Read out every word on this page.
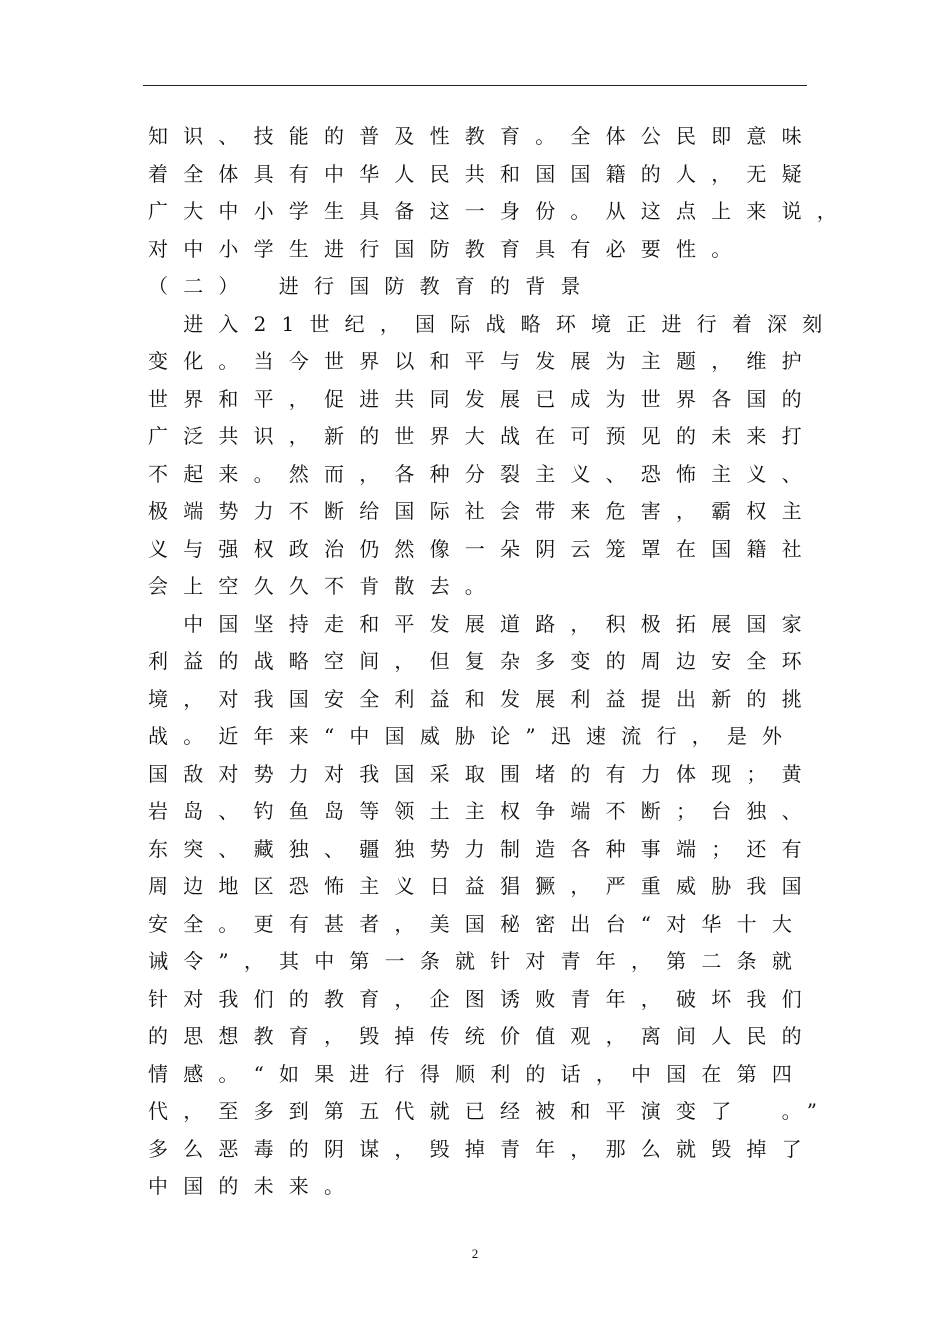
知识、技能的普及性教育。全体公民即意味
着全体具有中华人民共和国国籍的人，无疑
广大中小学生具备这一身份。从这点上来说，
对中小学生进行国防教育具有必要性。
（二）　进行国防教育的背景
　进入21世纪，国际战略环境正进行着深刻
变化。当今世界以和平与发展为主题，维护
世界和平，促进共同发展已成为世界各国的
广泛共识，新的世界大战在可预见的未来打
不起来。然而，各种分裂主义、恐怖主义、
极端势力不断给国际社会带来危害，霸权主
义与强权政治仍然像一朵阴云笼罩在国籍社
会上空久久不肯散去。
　中国坚持走和平发展道路，积极拓展国家
利益的战略空间，但复杂多变的周边安全环
境，对我国安全利益和发展利益提出新的挑
战。近年来“中国威胁论”迅速流行，是外
国敌对势力对我国采取围堵的有力体现；黄
岩岛、钓鱼岛等领土主权争端不断；台独、
东突、藏独、疆独势力制造各种事端；还有
周边地区恐怖主义日益猖獗，严重威胁我国
安全。更有甚者，美国秘密出台“对华十大
诫令”，其中第一条就针对青年，第二条就
针对我们的教育，企图诱败青年，破坏我们
的思想教育，毁掉传统价值观，离间人民的
情感。“如果进行得顺利的话，中国在第四
代，至多到第五代就已经被和平演变了　。”
多么恶毒的阴谋，毁掉青年，那么就毁掉了
中国的未来。
2
